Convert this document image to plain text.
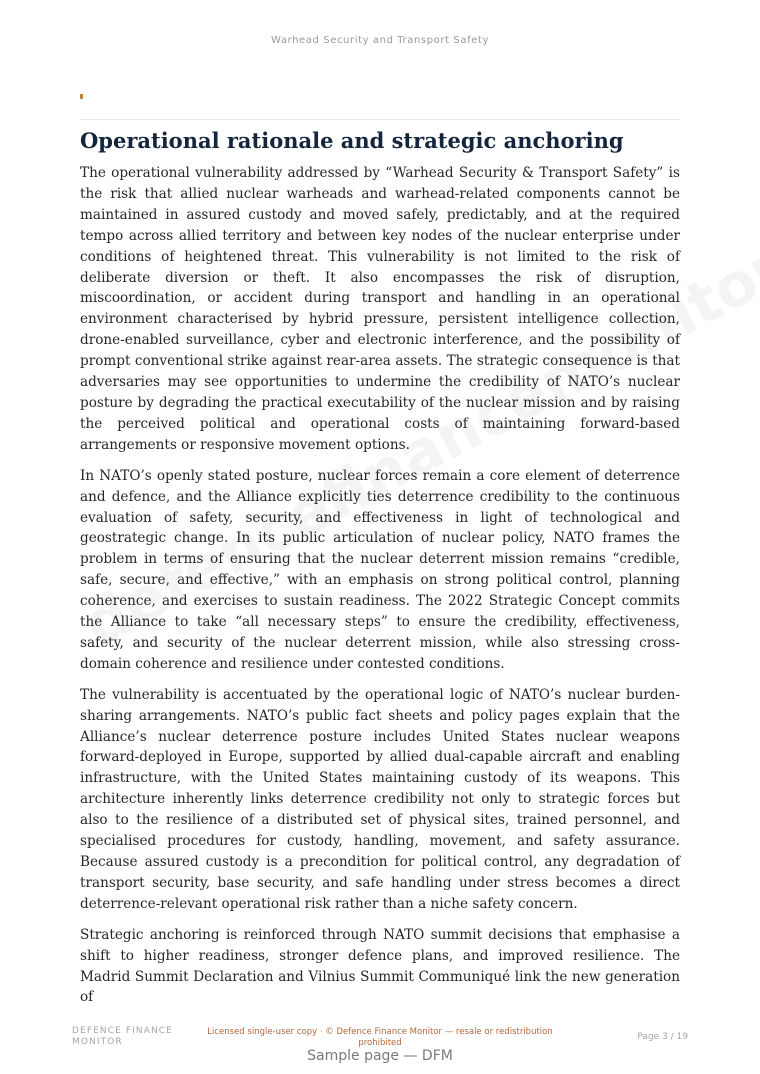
Warhead Security and Transport Safety
Operational rationale and strategic anchoring

The operational vulnerability addressed by “Warhead Security & Transport Safety” is the risk that allied nuclear warheads and warhead-related components cannot be maintained in assured custody and moved safely, predictably, and at the required tempo across allied territory and between key nodes of the nuclear enterprise under conditions of heightened threat. This vulnerability is not limited to the risk of deliberate diversion or theft. It also encompasses the risk of disruption, miscoordination, or accident during transport and handling in an operational environment characterised by hybrid pressure, persistent intelligence collection, drone-enabled surveillance, cyber and electronic interference, and the possibility of prompt conventional strike against rear-area assets. The strategic consequence is that adversaries may see opportunities to undermine the credibility of NATO’s nuclear posture by degrading the practical executability of the nuclear mission and by raising the perceived political and operational costs of maintaining forward-based arrangements or responsive movement options.

In NATO’s openly stated posture, nuclear forces remain a core element of deterrence and defence, and the Alliance explicitly ties deterrence credibility to the continuous evaluation of safety, security, and effectiveness in light of technological and geostrategic change. In its public articulation of nuclear policy, NATO frames the problem in terms of ensuring that the nuclear deterrent mission remains “credible, safe, secure, and effective,” with an emphasis on strong political control, planning coherence, and exercises to sustain readiness. The 2022 Strategic Concept commits the Alliance to take “all necessary steps” to ensure the credibility, effectiveness, safety, and security of the nuclear deterrent mission, while also stressing cross-domain coherence and resilience under contested conditions.

The vulnerability is accentuated by the operational logic of NATO’s nuclear burden-sharing arrangements. NATO’s public fact sheets and policy pages explain that the Alliance’s nuclear deterrence posture includes United States nuclear weapons forward-deployed in Europe, supported by allied dual-capable aircraft and enabling infrastructure, with the United States maintaining custody of its weapons. This architecture inherently links deterrence credibility not only to strategic forces but also to the resilience of a distributed set of physical sites, trained personnel, and specialised procedures for custody, handling, movement, and safety assurance. Because assured custody is a precondition for political control, any degradation of transport security, base security, and safe handling under stress becomes a direct deterrence-relevant operational risk rather than a niche safety concern.

Strategic anchoring is reinforced through NATO summit decisions that emphasise a shift to higher readiness, stronger defence plans, and improved resilience. The Madrid Summit Declaration and Vilnius Summit Communiqué link the new generation of

DEFENCE FINANCE MONITOR
Licensed single-user copy · © Defence Finance Monitor — resale or redistribution prohibited
Page 3 / 19
Sample page — DFM
